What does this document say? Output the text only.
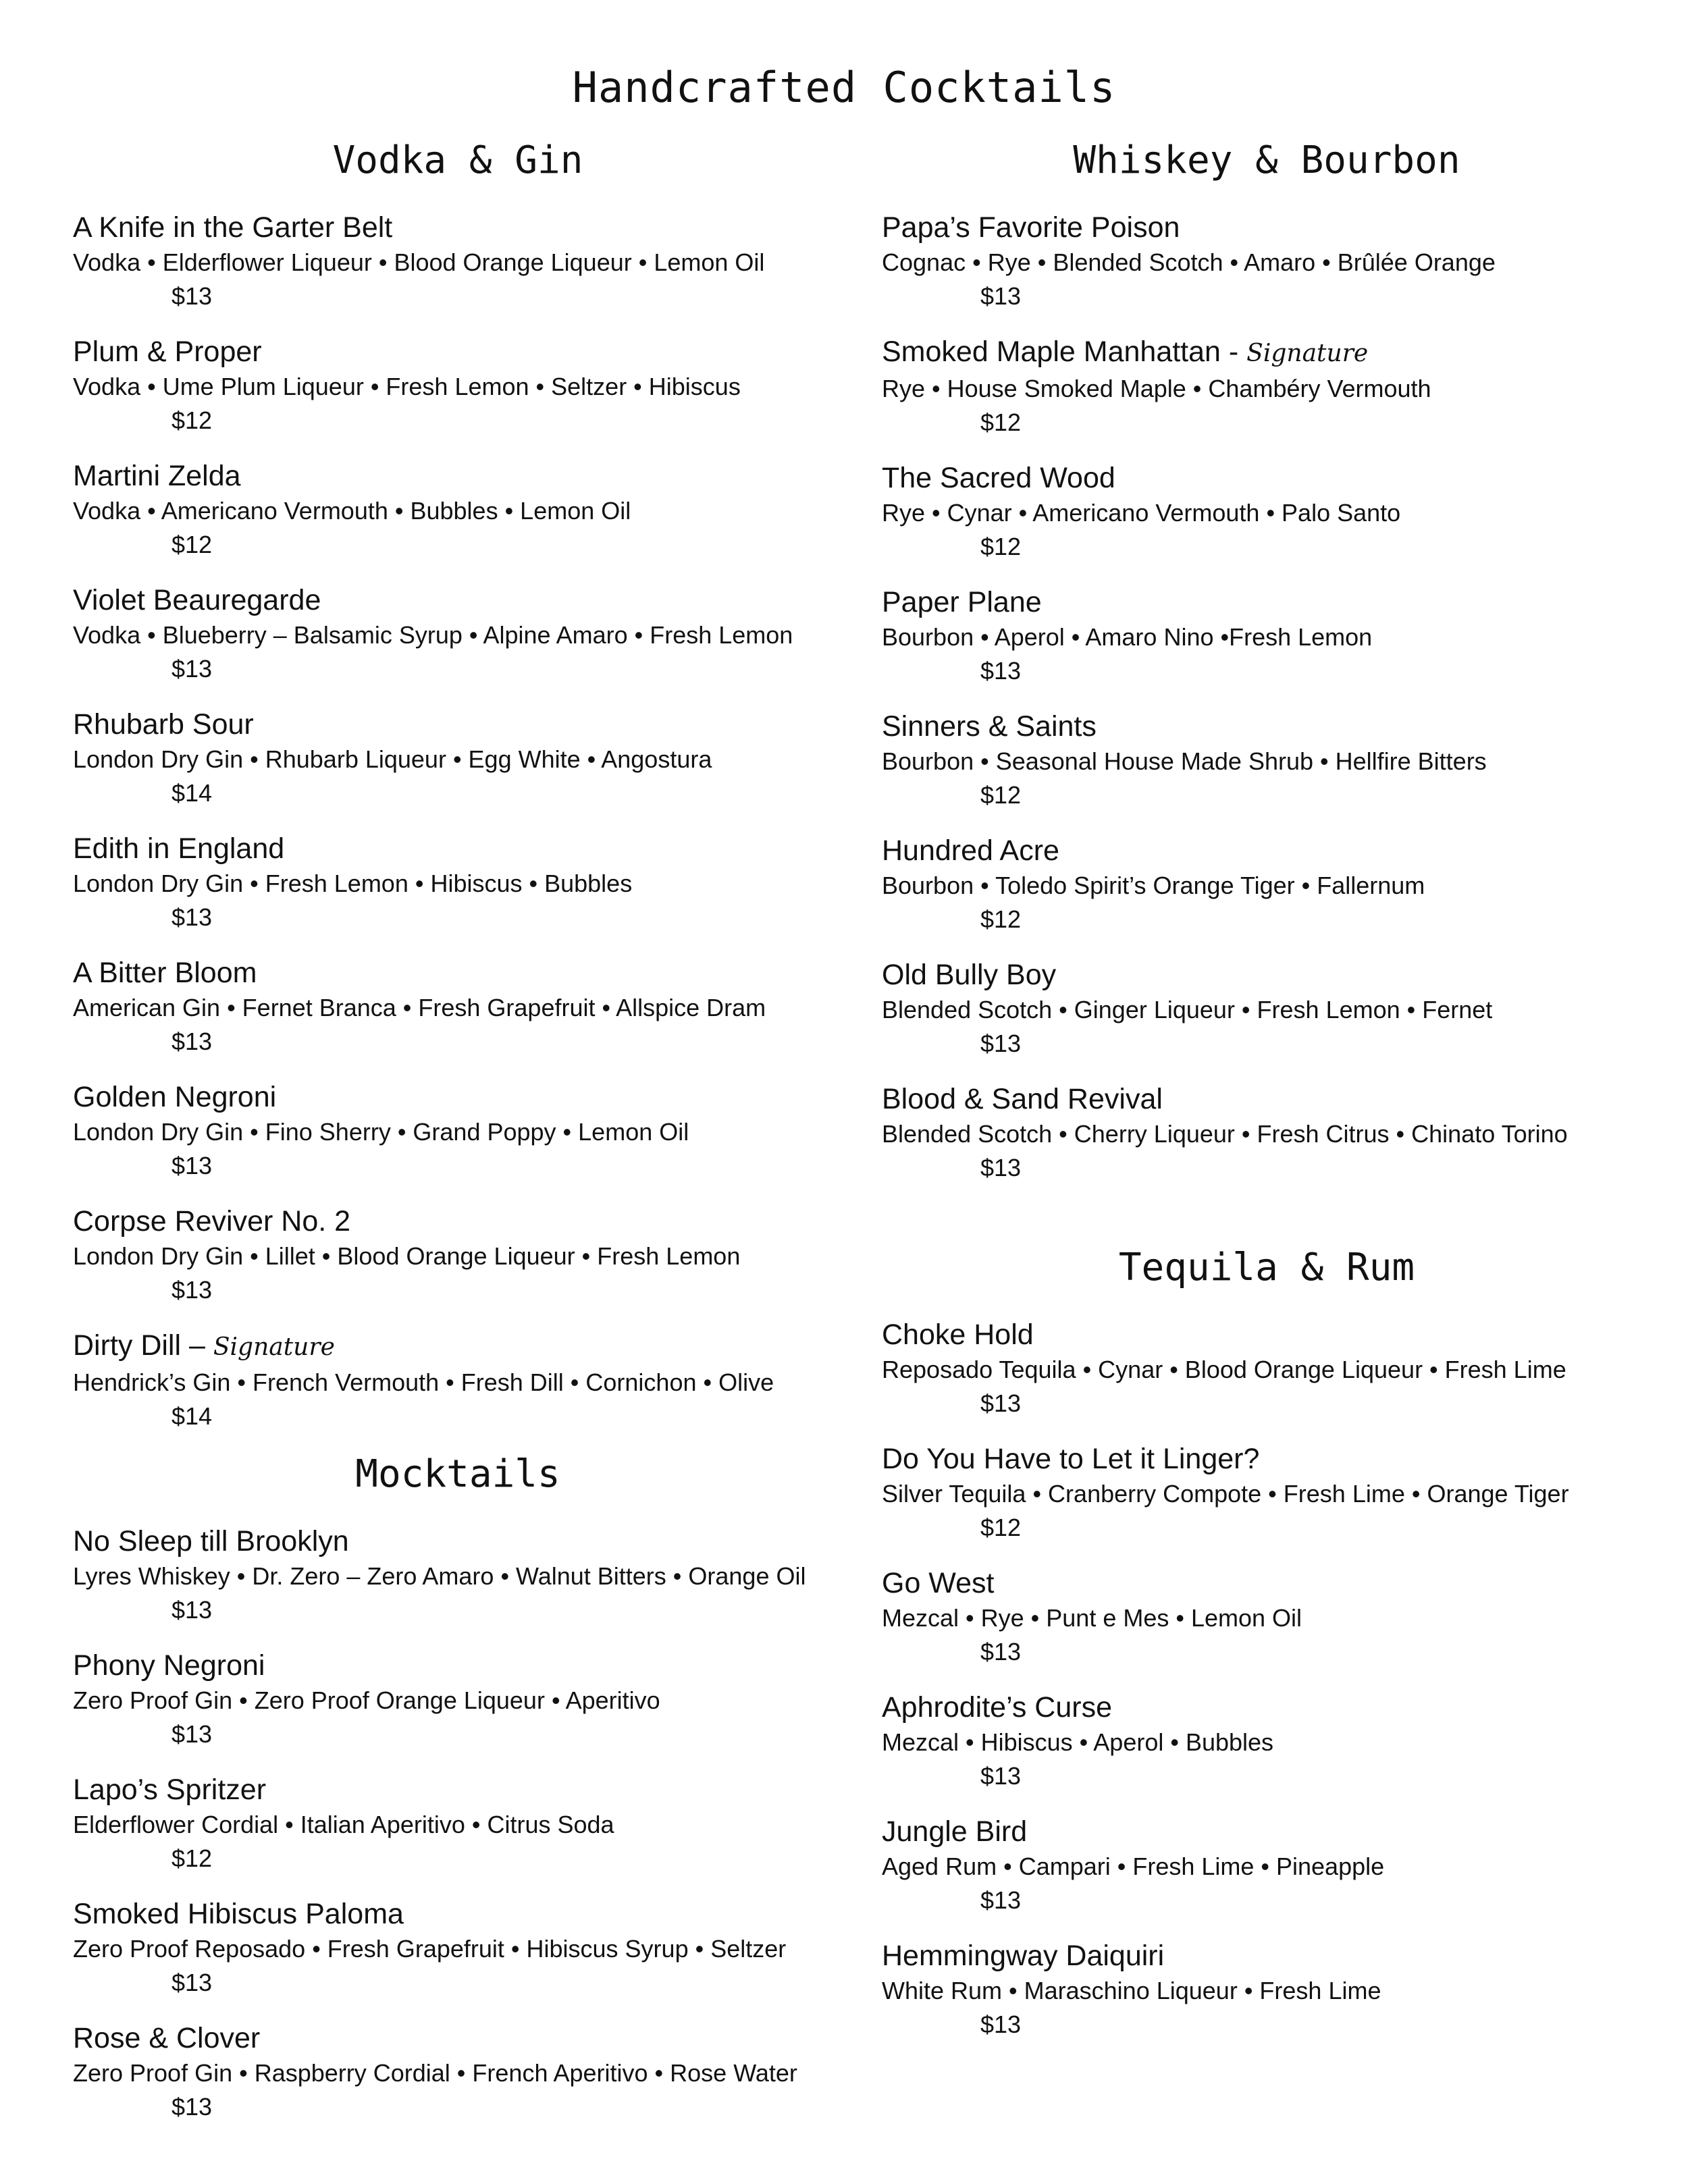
Handcrafted Cocktails
Vodka & Gin
A Knife in the Garter Belt
Vodka • Elderflower Liqueur • Blood Orange Liqueur • Lemon Oil
$13
Plum & Proper
Vodka • Ume Plum Liqueur • Fresh Lemon • Seltzer • Hibiscus
$12
Martini Zelda
Vodka • Americano Vermouth • Bubbles • Lemon Oil
$12
Violet Beauregarde
Vodka • Blueberry – Balsamic Syrup • Alpine Amaro • Fresh Lemon
$13
Rhubarb Sour
London Dry Gin • Rhubarb Liqueur • Egg White • Angostura
$14
Edith in England
London Dry Gin • Fresh Lemon • Hibiscus • Bubbles
$13
A Bitter Bloom
American Gin • Fernet Branca • Fresh Grapefruit • Allspice Dram
$13
Golden Negroni
London Dry Gin • Fino Sherry • Grand Poppy • Lemon Oil
$13
Corpse Reviver No. 2
London Dry Gin • Lillet • Blood Orange Liqueur • Fresh Lemon
$13
Dirty Dill – Signature
Hendrick’s Gin • French Vermouth • Fresh Dill • Cornichon • Olive
$14
Whiskey & Bourbon
Papa’s Favorite Poison
Cognac • Rye • Blended Scotch • Amaro • Brûlée Orange
$13
Smoked Maple Manhattan - Signature
Rye • House Smoked Maple • Chambéry Vermouth
$12
The Sacred Wood
Rye • Cynar • Americano Vermouth • Palo Santo
$12
Paper Plane
Bourbon • Aperol • Amaro Nino •Fresh Lemon
$13
Sinners & Saints
Bourbon • Seasonal House Made Shrub • Hellfire Bitters
$12
Hundred Acre
Bourbon • Toledo Spirit’s Orange Tiger • Fallernum
$12
Old Bully Boy
Blended Scotch • Ginger Liqueur • Fresh Lemon • Fernet
$13
Blood & Sand Revival
Blended Scotch • Cherry Liqueur • Fresh Citrus • Chinato Torino
$13
Mocktails
No Sleep till Brooklyn
Lyres Whiskey • Dr. Zero – Zero Amaro • Walnut Bitters • Orange Oil
$13
Phony Negroni
Zero Proof Gin • Zero Proof Orange Liqueur • Aperitivo
$13
Lapo’s Spritzer
Elderflower Cordial • Italian Aperitivo • Citrus Soda
$12
Smoked Hibiscus Paloma
Zero Proof Reposado • Fresh Grapefruit • Hibiscus Syrup • Seltzer
$13
Rose & Clover
Zero Proof Gin • Raspberry Cordial • French Aperitivo • Rose Water
$13
Tequila & Rum
Choke Hold
Reposado Tequila • Cynar • Blood Orange Liqueur • Fresh Lime
$13
Do You Have to Let it Linger?
Silver Tequila • Cranberry Compote • Fresh Lime • Orange Tiger
$12
Go West
Mezcal • Rye • Punt e Mes • Lemon Oil
$13
Aphrodite’s Curse
Mezcal • Hibiscus • Aperol • Bubbles
$13
Jungle Bird
Aged Rum • Campari • Fresh Lime • Pineapple
$13
Hemmingway Daiquiri
White Rum • Maraschino Liqueur • Fresh Lime
$13
